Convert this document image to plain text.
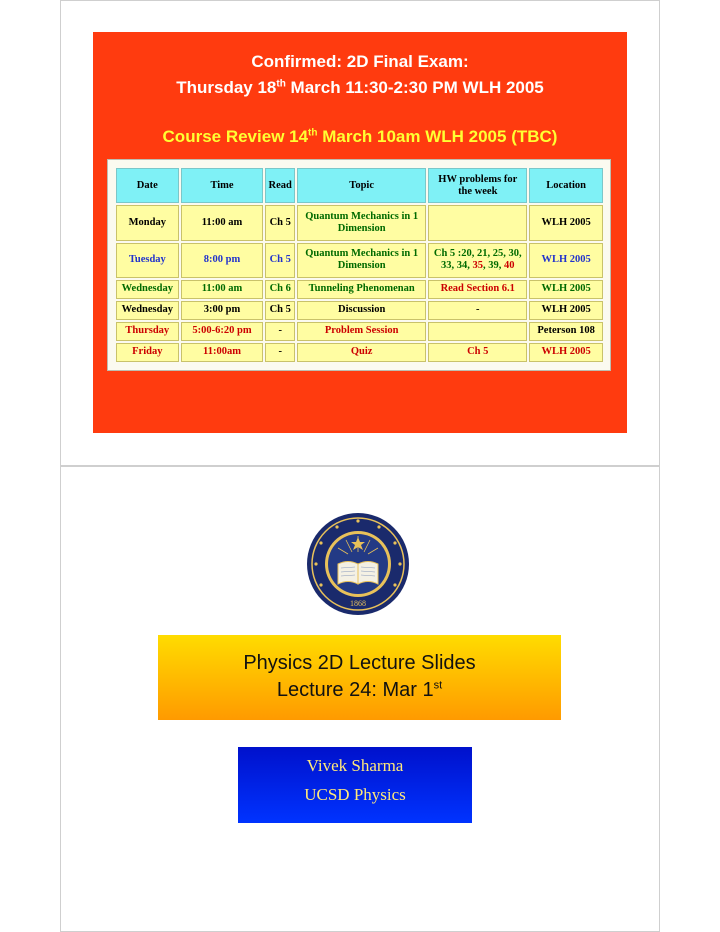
Confirmed: 2D Final Exam:
Thursday 18th March 11:30-2:30 PM WLH 2005
Course Review 14th March 10am WLH 2005 (TBC)
Date	Time	Read	Topic	HW problems for the week	Location
Monday	11:00 am	Ch 5	Quantum Mechanics in 1 Dimension		WLH 2005
Tuesday	8:00 pm	Ch 5	Quantum Mechanics in 1 Dimension	Ch 5 :20, 21, 25, 30, 33, 34, 35, 39, 40	WLH 2005
Wednesday	11:00 am	Ch 6	Tunneling Phenomenan	Read Section 6.1	WLH 2005
Wednesday	3:00 pm	Ch 5	Discussion	-	WLH 2005
Thursday	5:00-6:20 pm	-	Problem Session		Peterson 108
Friday	11:00am	-	Quiz	Ch 5	WLH 2005
1868
Physics 2D Lecture Slides
Lecture 24: Mar 1st
Vivek Sharma
UCSD Physics
